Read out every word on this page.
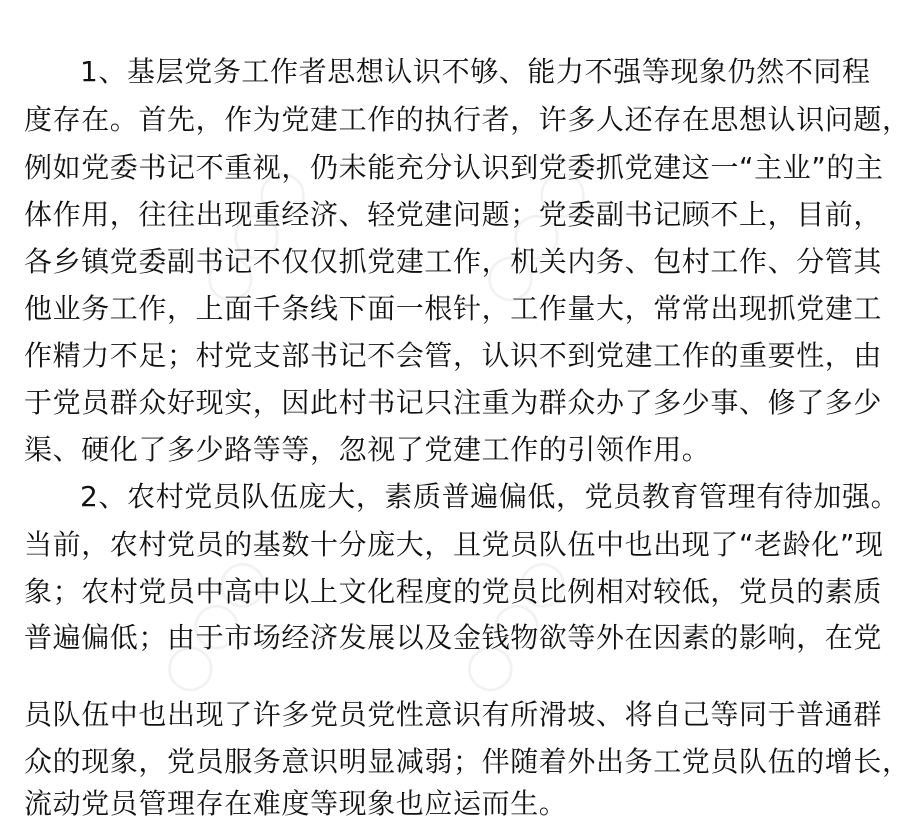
◯◯◯	◯◯◯
◯◯◯	◯◯◯
1、基层党务工作者思想认识不够、能力不强等现象仍然不同程
度存在。首先，作为党建工作的执行者，许多人还存在思想认识问题，
例如党委书记不重视，仍未能充分认识到党委抓党建这一“主业”的主
体作用，往往出现重经济、轻党建问题；党委副书记顾不上，目前，
各乡镇党委副书记不仅仅抓党建工作，机关内务、包村工作、分管其
他业务工作，上面千条线下面一根针，工作量大，常常出现抓党建工
作精力不足；村党支部书记不会管，认识不到党建工作的重要性，由
于党员群众好现实，因此村书记只注重为群众办了多少事、修了多少
渠、硬化了多少路等等，忽视了党建工作的引领作用。
2、农村党员队伍庞大，素质普遍偏低，党员教育管理有待加强。
当前，农村党员的基数十分庞大，且党员队伍中也出现了“老龄化”现
象；农村党员中高中以上文化程度的党员比例相对较低，党员的素质
普遍偏低；由于市场经济发展以及金钱物欲等外在因素的影响，在党
员队伍中也出现了许多党员党性意识有所滑坡、将自己等同于普通群
众的现象，党员服务意识明显减弱；伴随着外出务工党员队伍的增长，
流动党员管理存在难度等现象也应运而生。
